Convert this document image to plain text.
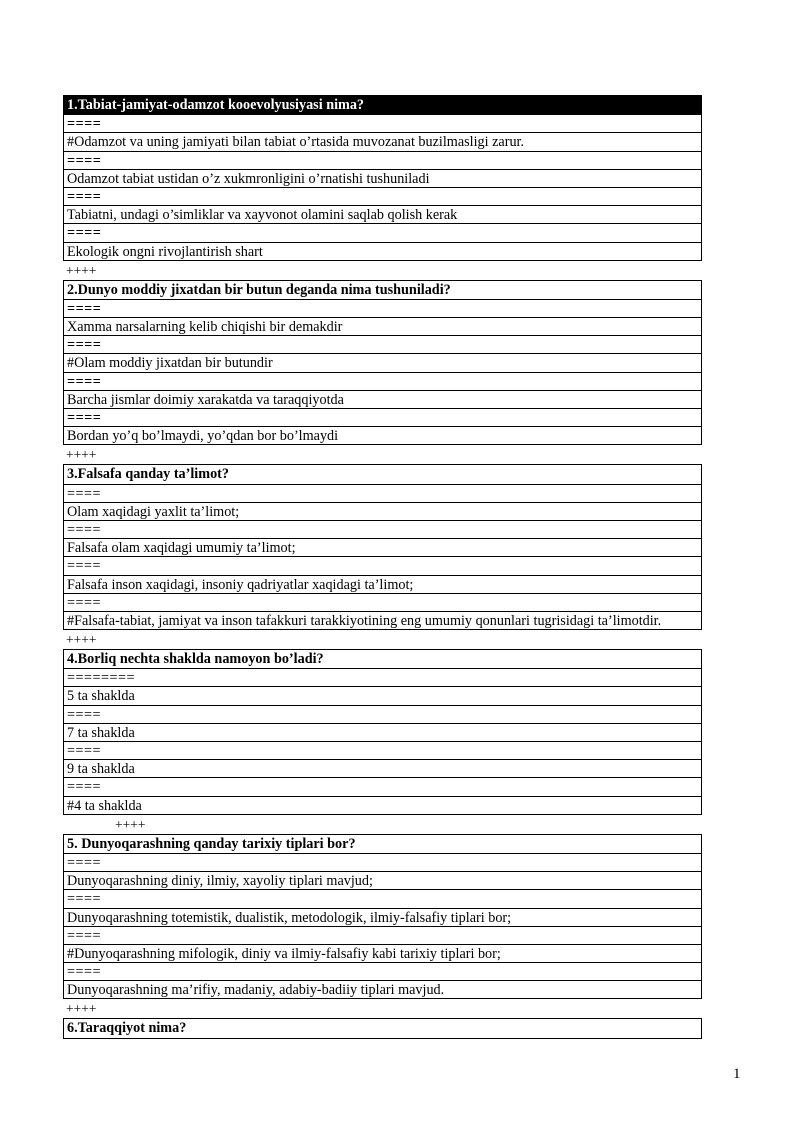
1.Tabiat-jamiyat-odamzot kooevolyusiyasi nima?
====
#Odamzot va uning jamiyati bilan tabiat o’rtasida muvozanat buzilmasligi zarur.
====
Odamzot tabiat ustidan o’z xukmronligini o’rnatishi tushuniladi
====
Tabiatni, undagi o’simliklar va xayvonot olamini saqlab qolish kerak
====
Ekologik ongni rivojlantirish shart
++++
2.Dunyo moddiy jixatdan bir butun deganda nima tushuniladi?
====
Xamma narsalarning kelib chiqishi bir demakdir
====
#Olam moddiy jixatdan bir butundir
====
Barcha jismlar doimiy xarakatda va taraqqiyotda
====
Bordan yo’q bo’lmaydi, yo’qdan bor bo’lmaydi
++++
3.Falsafa qanday ta’limot?
====
Olam xaqidagi yaxlit ta’limot;
====
Falsafa olam xaqidagi umumiy ta’limot;
====
Falsafa inson xaqidagi, insoniy qadriyatlar xaqidagi ta’limot;
====
#Falsafa-tabiat, jamiyat va inson tafakkuri tarakkiyotining eng umumiy qonunlari tugrisidagi ta’limotdir.
++++
4.Borliq nechta shaklda namoyon bo’ladi?
========
5 ta shaklda
====
7 ta shaklda
====
9 ta shaklda
====
#4 ta shaklda
++++
5. Dunyoqarashning qanday tarixiy tiplari bor?
====
Dunyoqarashning diniy, ilmiy, xayoliy tiplari mavjud;
====
Dunyoqarashning totemistik, dualistik, metodologik, ilmiy-falsafiy tiplari bor;
====
#Dunyoqarashning mifologik, diniy va ilmiy-falsafiy kabi tarixiy tiplari bor;
====
Dunyoqarashning ma’rifiy, madaniy, adabiy-badiiy tiplari mavjud.
++++
6.Taraqqiyot nima?
1
